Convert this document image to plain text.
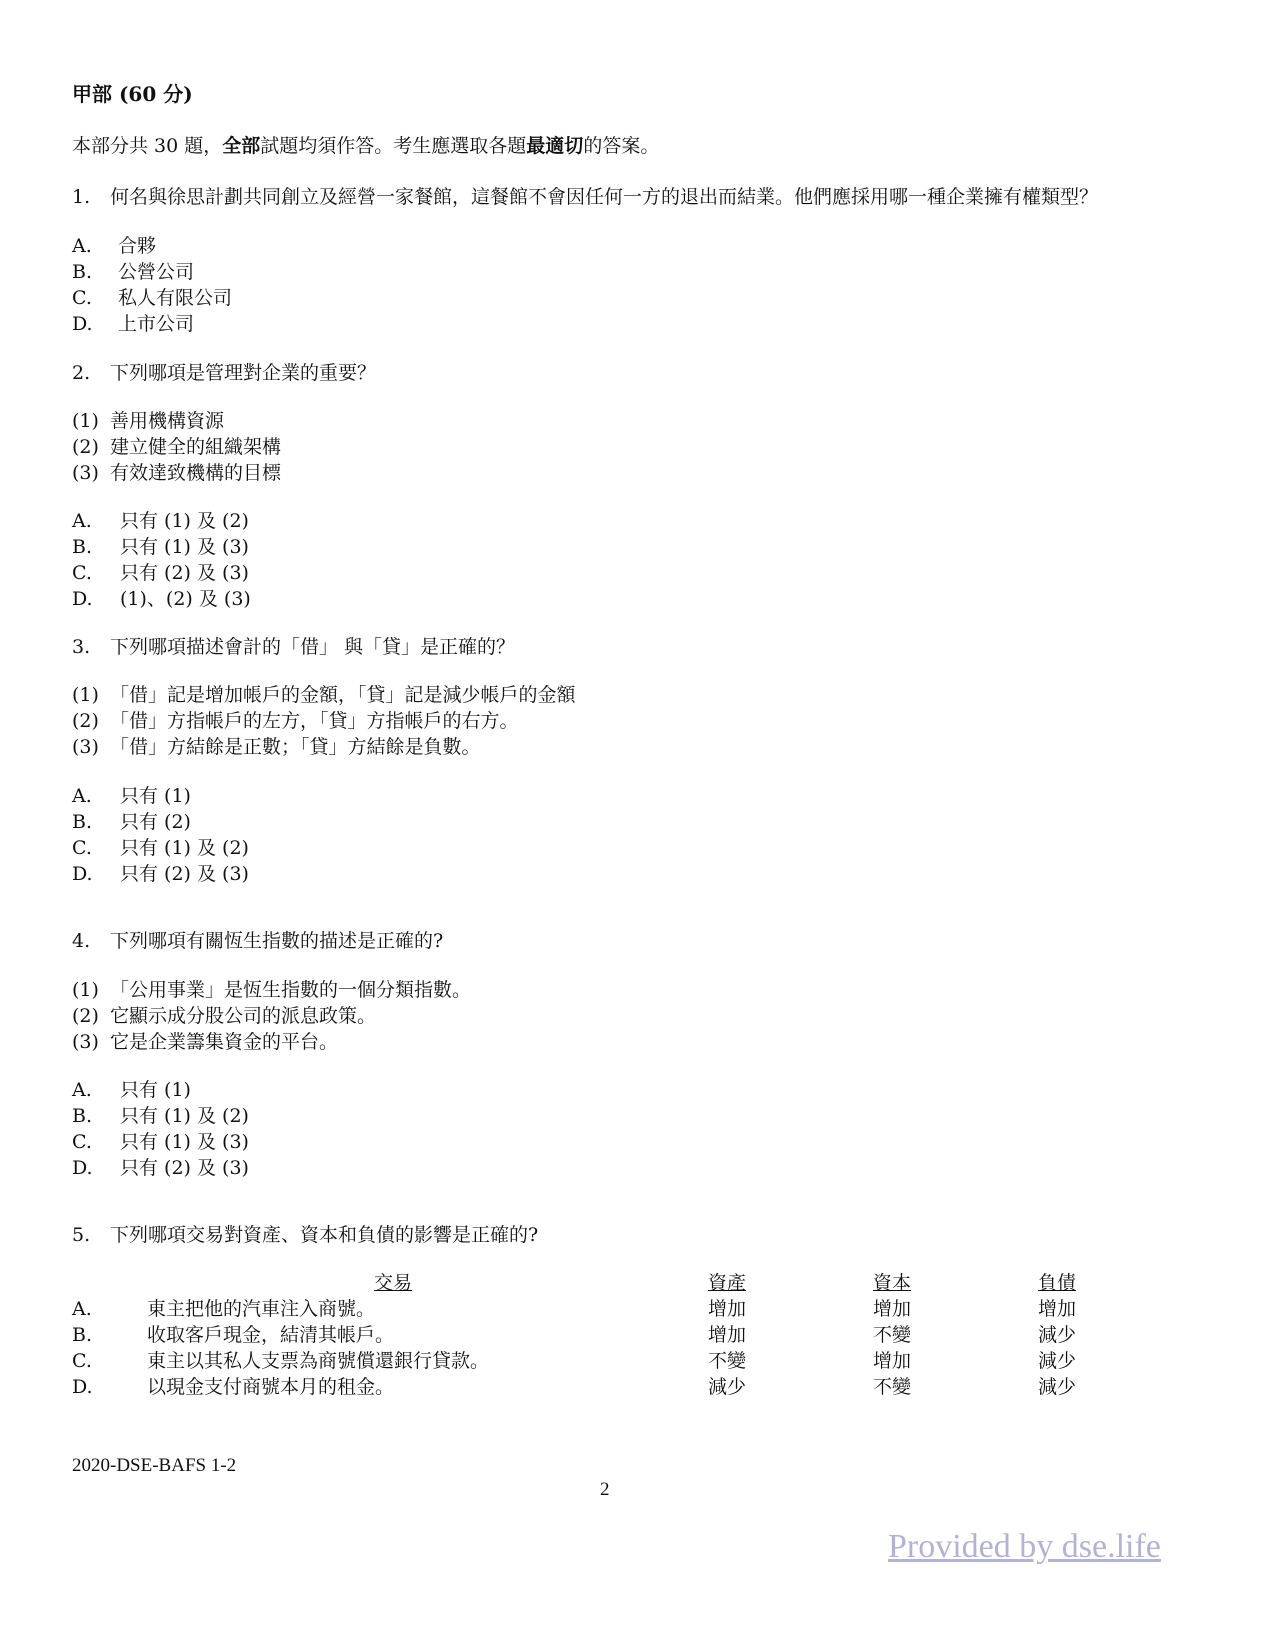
甲部 (60 分)
本部分共 30 題，全部試題均須作答。考生應選取各題最適切的答案。
1. 何名與徐思計劃共同創立及經營一家餐館，這餐館不會因任何一方的退出而結業。他們應採用哪一種企業擁有權類型？
A. 合夥
B. 公營公司
C. 私人有限公司
D. 上市公司
2. 下列哪項是管理對企業的重要？
(1) 善用機構資源
(2) 建立健全的組織架構
(3) 有效達致機構的目標
A. 只有 (1) 及 (2)
B. 只有 (1) 及 (3)
C. 只有 (2) 及 (3)
D. (1)、(2) 及 (3)
3. 下列哪項描述會計的「借」 與「貸」是正確的？
(1) 「借」記是增加帳戶的金額，「貸」記是減少帳戶的金額
(2) 「借」方指帳戶的左方，「貸」方指帳戶的右方。
(3) 「借」方結餘是正數；「貸」方結餘是負數。
A. 只有 (1)
B. 只有 (2)
C. 只有 (1) 及 (2)
D. 只有 (2) 及 (3)
4. 下列哪項有關恆生指數的描述是正確的?
(1) 「公用事業」是恆生指數的一個分類指數。
(2) 它顯示成分股公司的派息政策。
(3) 它是企業籌集資金的平台。
A. 只有 (1)
B. 只有 (1) 及 (2)
C. 只有 (1) 及 (3)
D. 只有 (2) 及 (3)
5. 下列哪項交易對資產、資本和負債的影響是正確的?
交易	資產	資本	負債
A.	東主把他的汽車注入商號。	增加	增加	增加
B.	收取客戶現金，結清其帳戶。	增加	不變	減少
C.	東主以其私人支票為商號償還銀行貸款。	不變	增加	減少
D.	以現金支付商號本月的租金。	減少	不變	減少
2020-DSE-BAFS 1-2
2
Provided by dse.life
